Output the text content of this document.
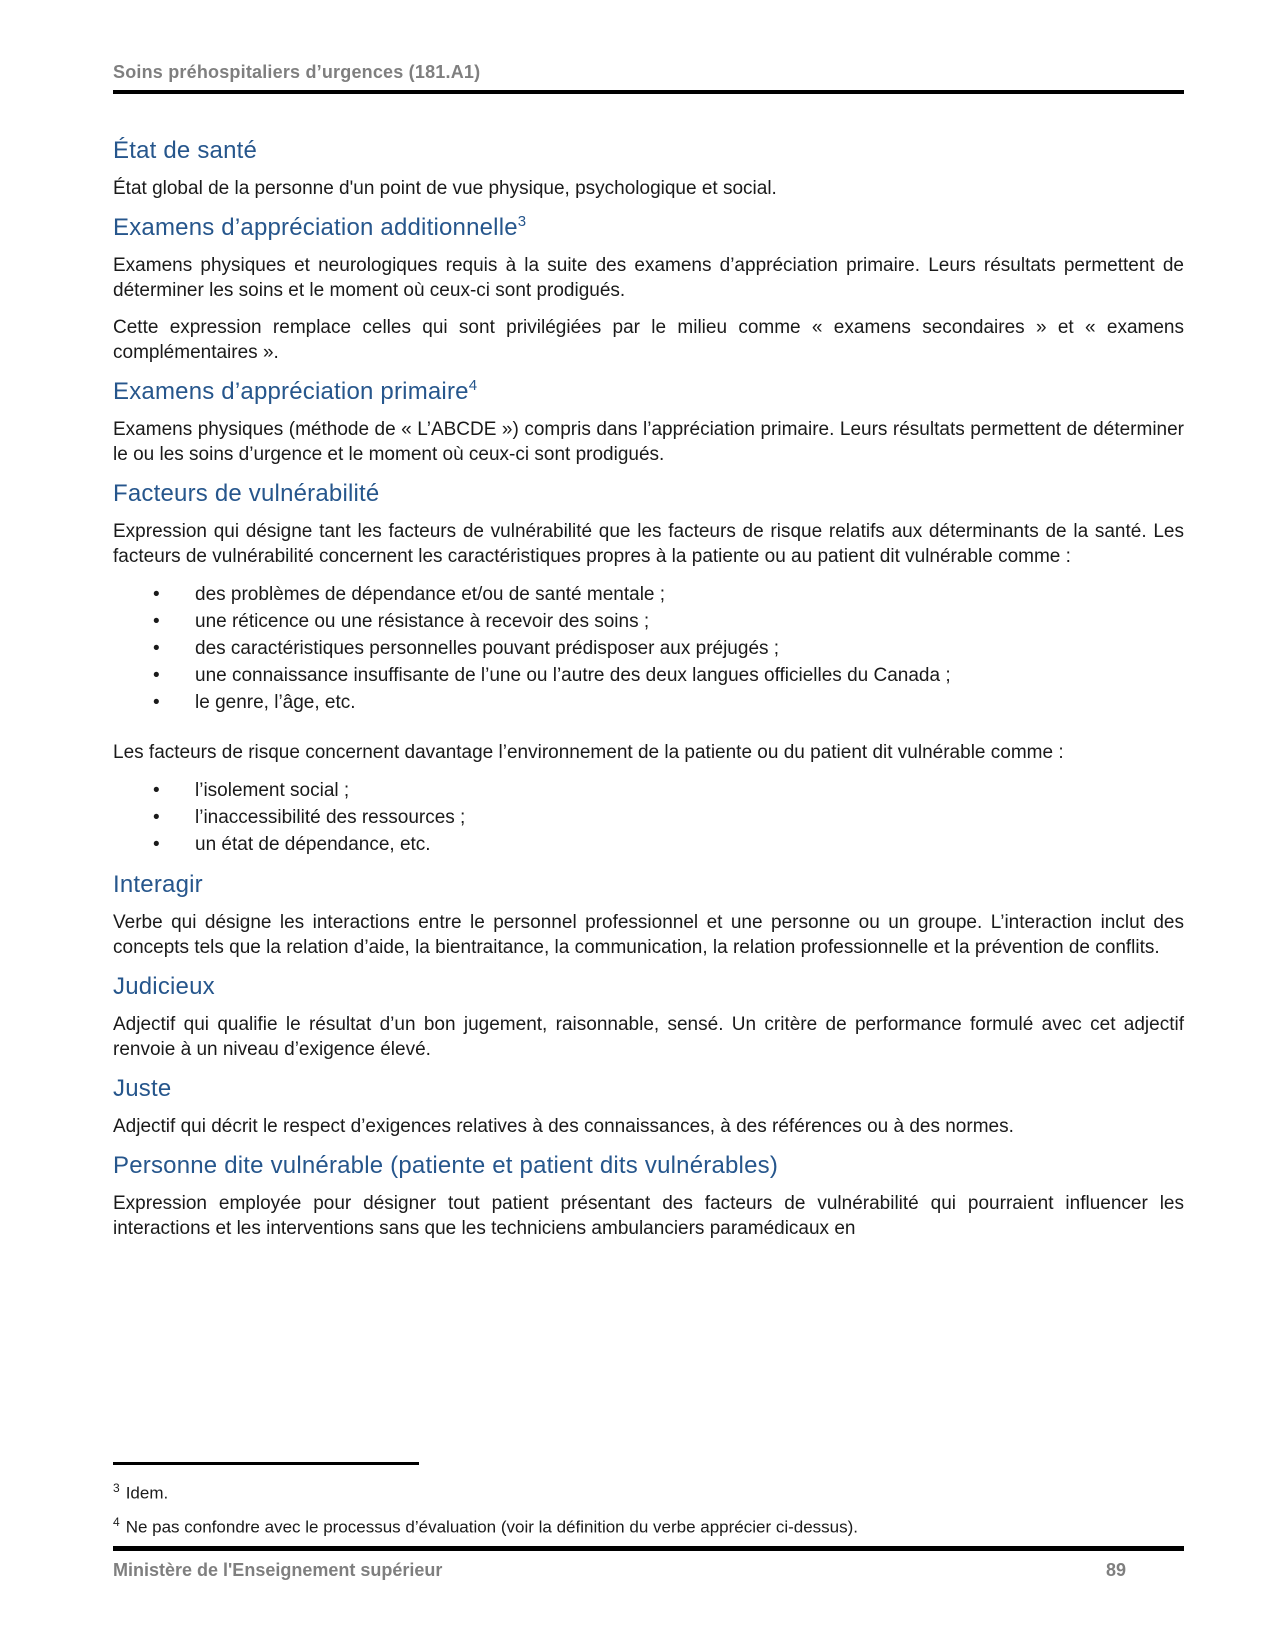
Soins préhospitaliers d’urgences (181.A1)
État de santé

État global de la personne d'un point de vue physique, psychologique et social.

Examens d’appréciation additionnelle$^3$

Examens physiques et neurologiques requis à la suite des examens d’appréciation primaire. Leurs résultats permettent de déterminer les soins et le moment où ceux-ci sont prodigués.

Cette expression remplace celles qui sont privilégiées par le milieu comme « examens secondaires » et « examens complémentaires ».

Examens d’appréciation primaire$^4$

Examens physiques (méthode de « L’ABCDE ») compris dans l’appréciation primaire. Leurs résultats permettent de déterminer le ou les soins d’urgence et le moment où ceux-ci sont prodigués.

Facteurs de vulnérabilité

Expression qui désigne tant les facteurs de vulnérabilité que les facteurs de risque relatifs aux déterminants de la santé. Les facteurs de vulnérabilité concernent les caractéristiques propres à la patiente ou au patient dit vulnérable comme :

• des problèmes de dépendance et/ou de santé mentale ;
• une réticence ou une résistance à recevoir des soins ;
• des caractéristiques personnelles pouvant prédisposer aux préjugés ;
• une connaissance insuffisante de l’une ou l’autre des deux langues officielles du Canada ;
• le genre, l’âge, etc.

Les facteurs de risque concernent davantage l’environnement de la patiente ou du patient dit vulnérable comme :

• l’isolement social ;
• l’inaccessibilité des ressources ;
• un état de dépendance, etc.
Interagir

Verbe qui désigne les interactions entre le personnel professionnel et une personne ou un groupe. L’interaction inclut des concepts tels que la relation d’aide, la bientraitance, la communication, la relation professionnelle et la prévention de conflits.

Judicieux

Adjectif qui qualifie le résultat d’un bon jugement, raisonnable, sensé. Un critère de performance formulé avec cet adjectif renvoie à un niveau d’exigence élevé.

Juste

Adjectif qui décrit le respect d’exigences relatives à des connaissances, à des références ou à des normes.

Personne dite vulnérable (patiente et patient dits vulnérables)

Expression employée pour désigner tout patient présentant des facteurs de vulnérabilité qui pourraient influencer les interactions et les interventions sans que les techniciens ambulanciers paramédicaux en

$^3$ Idem.
$^4$ Ne pas confondre avec le processus d’évaluation (voir la définition du verbe apprécier ci-dessus).
Ministère de l'Enseignement supérieur	89
